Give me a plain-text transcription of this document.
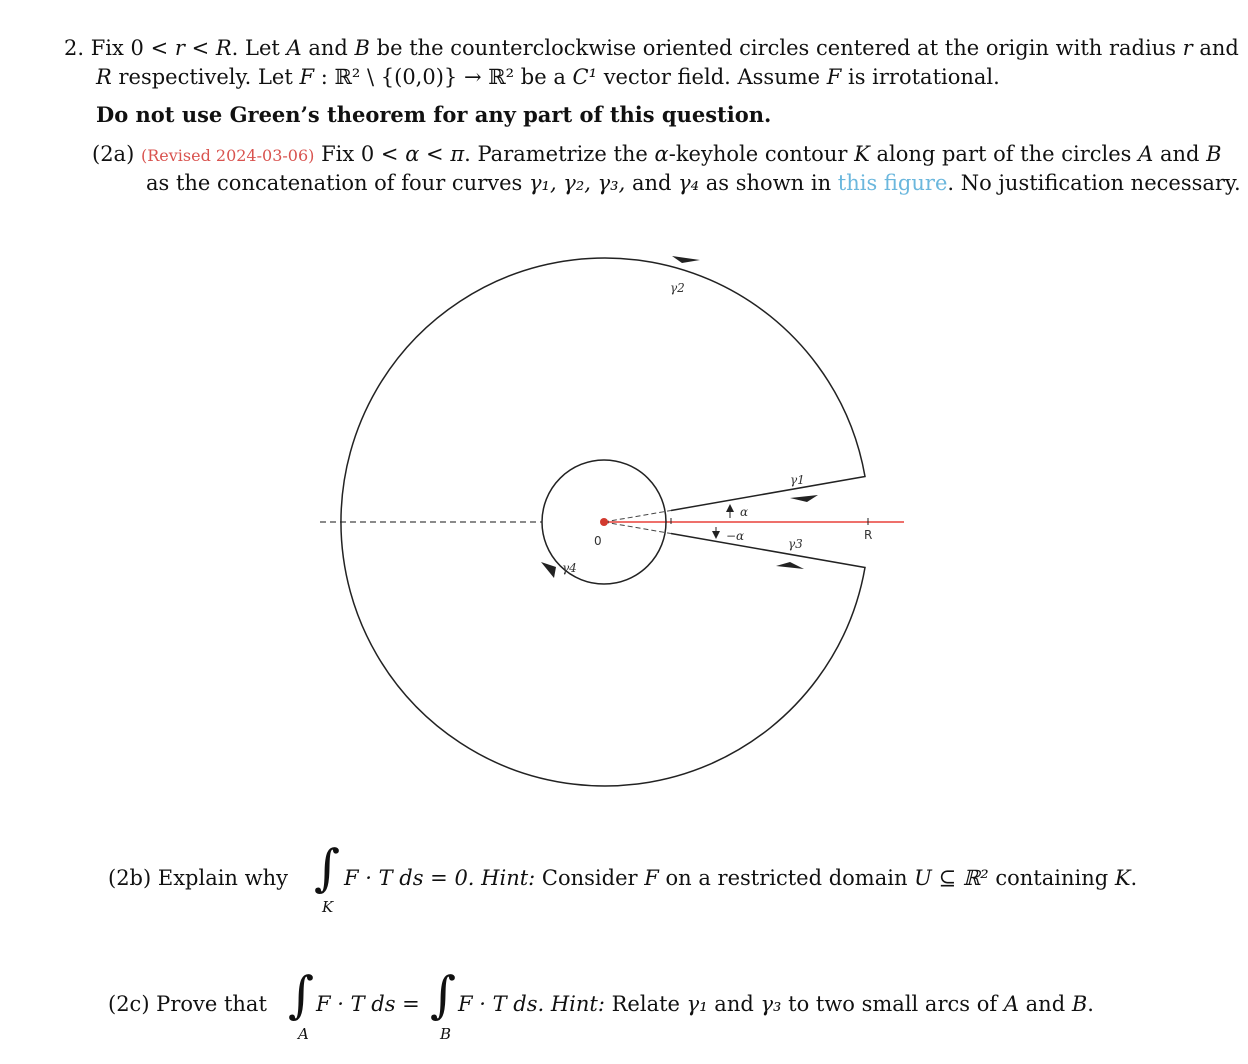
2. Fix 0 < r < R. Let A and B be the counterclockwise oriented circles centered at the origin with radius r and
R respectively. Let F : ℝ² \ {(0,0)} → ℝ² be a C¹ vector field. Assume F is irrotational.
Do not use Green’s theorem for any part of this question.
(2a) (Revised 2024-03-06) Fix 0 < α < π. Parametrize the α-keyhole contour K along part of the circles A and B
as the concatenation of four curves γ₁, γ₂, γ₃, and γ₄ as shown in this figure. No justification necessary.
γ2
γ1
γ3
γ4
α
−α
0	R
(2b) Explain why ∫
K
F · T ds = 0. Hint: Consider F on a restricted domain U ⊆ ℝ² containing K.
(2c) Prove that ∫
A
F · T ds = ∫
B
F · T ds. Hint: Relate γ₁ and γ₃ to two small arcs of A and B.
